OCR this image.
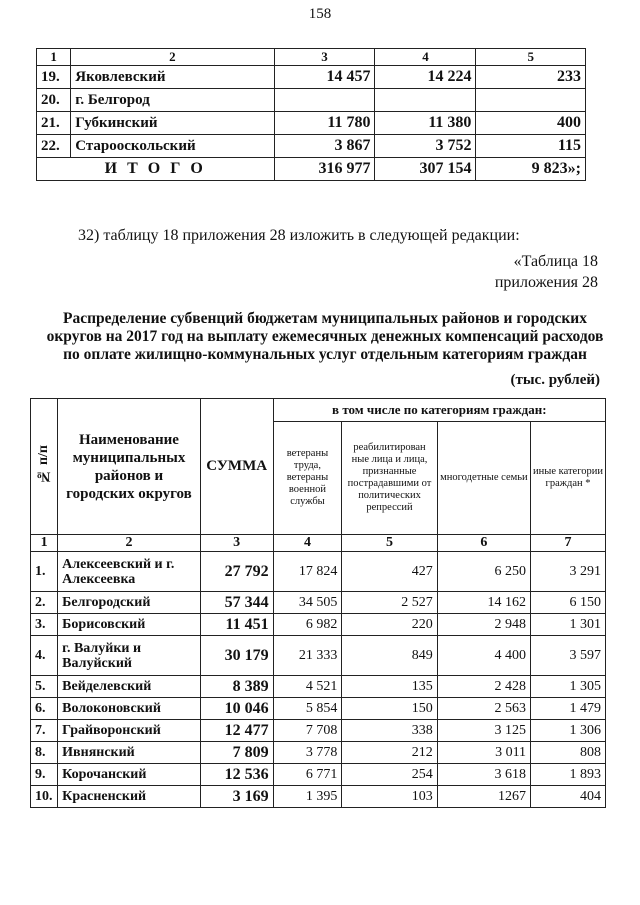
158
1	2	3	4	5
19.	Яковлевский	14 457	14 224	233
20.	г. Белгород			
21.	Губкинский	11 780	11 380	400
22.	Старооскольский	3 867	3 752	115
И Т О Г О		316 977	307 154	9 823»;
32) таблицу 18 приложения 28 изложить в следующей редакции:
«Таблица 18
приложения 28
Распределение субвенций бюджетам муниципальных районов и городских округов на 2017 год на выплату ежемесячных денежных компенсаций расходов по оплате жилищно-коммунальных услуг отдельным категориям граждан
(тыс. рублей)
№ п/п	Наименование муниципальных районов и городских округов	СУММА	в том числе по категориям граждан:			
			ветераны труда, ветераны военной службы	реабилитирован ные лица и лица, признанные пострадавшими от политических репрессий	многодетные семьи	иные категории граждан *
1	2	3	4	5	6	7
1.	Алексеевский и г. Алексеевка	27 792	17 824	427	6 250	3 291
2.	Белгородский	57 344	34 505	2 527	14 162	6 150
3.	Борисовский	11 451	6 982	220	2 948	1 301
4.	г. Валуйки и Валуйский	30 179	21 333	849	4 400	3 597
5.	Вейделевский	8 389	4 521	135	2 428	1 305
6.	Волоконовский	10 046	5 854	150	2 563	1 479
7.	Грайворонский	12 477	7 708	338	3 125	1 306
8.	Ивнянский	7 809	3 778	212	3 011	808
9.	Корочанский	12 536	6 771	254	3 618	1 893
10.	Красненский	3 169	1 395	103	1267	404
